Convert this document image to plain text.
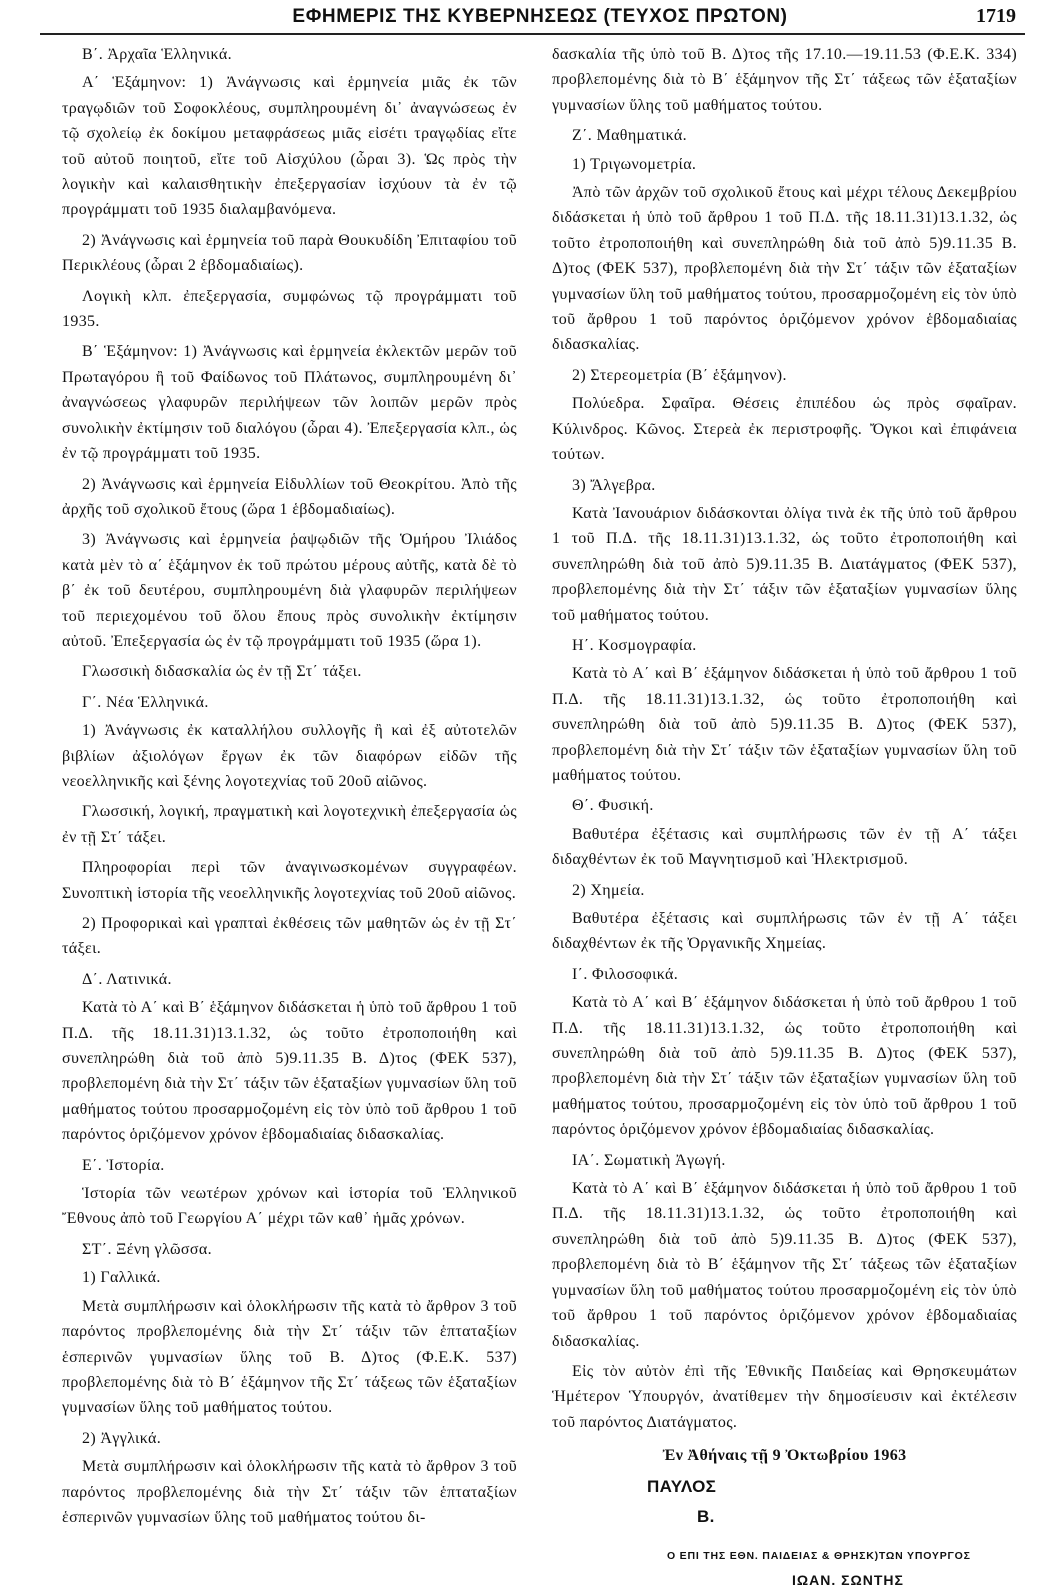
ΕΦΗΜΕΡΙΣ ΤΗΣ ΚΥΒΕΡΝΗΣΕΩΣ (ΤΕΥΧΟΣ ΠΡΩΤΟΝ)	1719

Β΄. Ἀρχαῖα Ἑλληνικά.

Α΄ Ἑξάμηνον: 1) Ἀνάγνωσις καὶ ἑρμηνεία μιᾶς ἐκ τῶν τραγῳδιῶν τοῦ Σοφοκλέους, συμπληρουμένη δι᾽ ἀναγνώσεως ἐν τῷ σχολείῳ ἐκ δοκίμου μεταφράσεως μιᾶς εἰσέτι τραγῳδίας εἴτε τοῦ αὐτοῦ ποιητοῦ, εἴτε τοῦ Αἰσχύλου (ὧραι 3). Ὡς πρὸς τὴν λογικὴν καὶ καλαισθητικὴν ἐπεξεργασίαν ἰσχύουν τὰ ἐν τῷ προγράμματι τοῦ 1935 διαλαμβανόμενα.

2) Ἀνάγνωσις καὶ ἑρμηνεία τοῦ παρὰ Θουκυδίδη Ἐπιταφίου τοῦ Περικλέους (ὧραι 2 ἑβδομαδιαίως).

Λογικὴ κλπ. ἐπεξεργασία, συμφώνως τῷ προγράμματι τοῦ 1935.

Β΄ Ἑξάμηνον: 1) Ἀνάγνωσις καὶ ἑρμηνεία ἐκλεκτῶν μερῶν τοῦ Πρωταγόρου ἢ τοῦ Φαίδωνος τοῦ Πλάτωνος, συμπληρουμένη δι᾽ ἀναγνώσεως γλαφυρῶν περιλήψεων τῶν λοιπῶν μερῶν πρὸς συνολικὴν ἐκτίμησιν τοῦ διαλόγου (ὧραι 4). Ἐπεξεργασία κλπ., ὡς ἐν τῷ προγράμματι τοῦ 1935.

2) Ἀνάγνωσις καὶ ἑρμηνεία Εἰδυλλίων τοῦ Θεοκρίτου. Ἀπὸ τῆς ἀρχῆς τοῦ σχολικοῦ ἔτους (ὥρα 1 ἑβδομαδιαίως).

3) Ἀνάγνωσις καὶ ἑρμηνεία ῥαψῳδιῶν τῆς Ὁμήρου Ἰλιάδος κατὰ μὲν τὸ α΄ ἑξάμηνον ἐκ τοῦ πρώτου μέρους αὐτῆς, κατὰ δὲ τὸ β΄ ἐκ τοῦ δευτέρου, συμπληρουμένη διὰ γλαφυρῶν περιλήψεων τοῦ περιεχομένου τοῦ ὅλου ἔπους πρὸς συνολικὴν ἐκτίμησιν αὐτοῦ. Ἐπεξεργασία ὡς ἐν τῷ προγράμματι τοῦ 1935 (ὥρα 1).

Γλωσσικὴ διδασκαλία ὡς ἐν τῇ Στ΄ τάξει.

Γ΄. Νέα Ἑλληνικά.

1) Ἀνάγνωσις ἐκ καταλλήλου συλλογῆς ἢ καὶ ἐξ αὐτοτελῶν βιβλίων ἀξιολόγων ἔργων ἐκ τῶν διαφόρων εἰδῶν τῆς νεοελληνικῆς καὶ ξένης λογοτεχνίας τοῦ 20οῦ αἰῶνος.

Γλωσσική, λογική, πραγματικὴ καὶ λογοτεχνικὴ ἐπεξεργασία ὡς ἐν τῇ Στ΄ τάξει.

Πληροφορίαι περὶ τῶν ἀναγινωσκομένων συγγραφέων. Συνοπτικὴ ἱστορία τῆς νεοελληνικῆς λογοτεχνίας τοῦ 20οῦ αἰῶνος.

2) Προφορικαὶ καὶ γραπταὶ ἐκθέσεις τῶν μαθητῶν ὡς ἐν τῇ Στ΄ τάξει.

Δ΄. Λατινικά.

Κατὰ τὸ Α΄ καὶ Β΄ ἑξάμηνον διδάσκεται ἡ ὑπὸ τοῦ ἄρθρου 1 τοῦ Π.Δ. τῆς 18.11.31)13.1.32, ὡς τοῦτο ἐτροποποιήθη καὶ συνεπληρώθη διὰ τοῦ ἀπὸ 5)9.11.35 Β. Δ)τος (ΦΕΚ 537), προβλεπομένη διὰ τὴν Στ΄ τάξιν τῶν ἑξαταξίων γυμνασίων ὕλη τοῦ μαθήματος τούτου προσαρμοζομένη εἰς τὸν ὑπὸ τοῦ ἄρθρου 1 τοῦ παρόντος ὁριζόμενον χρόνον ἑβδομαδιαίας διδασκαλίας.

Ε΄. Ἱστορία.

Ἱστορία τῶν νεωτέρων χρόνων καὶ ἱστορία τοῦ Ἑλληνικοῦ Ἔθνους ἀπὸ τοῦ Γεωργίου Α΄ μέχρι τῶν καθ᾽ ἡμᾶς χρόνων.

ΣΤ΄. Ξένη γλῶσσα.

1) Γαλλικά.

Μετὰ συμπλήρωσιν καὶ ὁλοκλήρωσιν τῆς κατὰ τὸ ἄρθρον 3 τοῦ παρόντος προβλεπομένης διὰ τὴν Στ΄ τάξιν τῶν ἑπταταξίων ἑσπερινῶν γυμνασίων ὕλης τοῦ Β. Δ)τος (Φ.Ε.Κ. 537) προβλεπομένης διὰ τὸ Β΄ ἑξάμηνον τῆς Στ΄ τάξεως τῶν ἑξαταξίων γυμνασίων ὕλης τοῦ μαθήματος τούτου.

2) Ἀγγλικά.

Μετὰ συμπλήρωσιν καὶ ὁλοκλήρωσιν τῆς κατὰ τὸ ἄρθρον 3 τοῦ παρόντος προβλεπομένης διὰ τὴν Στ΄ τάξιν τῶν ἑπταταξίων ἑσπερινῶν γυμνασίων ὕλης τοῦ μαθήματος τούτου δι-

δασκαλία τῆς ὑπὸ τοῦ Β. Δ)τος τῆς 17.10.—19.11.53 (Φ.Ε.Κ. 334) προβλεπομένης διὰ τὸ Β΄ ἑξάμηνον τῆς Στ΄ τάξεως τῶν ἑξαταξίων γυμνασίων ὕλης τοῦ μαθήματος τούτου.

Ζ΄. Μαθηματικά.

1) Τριγωνομετρία.

Ἀπὸ τῶν ἀρχῶν τοῦ σχολικοῦ ἔτους καὶ μέχρι τέλους Δεκεμβρίου διδάσκεται ἡ ὑπὸ τοῦ ἄρθρου 1 τοῦ Π.Δ. τῆς 18.11.31)13.1.32, ὡς τοῦτο ἐτροποποιήθη καὶ συνεπληρώθη διὰ τοῦ ἀπὸ 5)9.11.35 Β. Δ)τος (ΦΕΚ 537), προβλεπομένη διὰ τὴν Στ΄ τάξιν τῶν ἑξαταξίων γυμνασίων ὕλη τοῦ μαθήματος τούτου, προσαρμοζομένη εἰς τὸν ὑπὸ τοῦ ἄρθρου 1 τοῦ παρόντος ὁριζόμενον χρόνον ἑβδομαδιαίας διδασκαλίας.

2) Στερεομετρία (Β΄ ἑξάμηνον).

Πολύεδρα. Σφαῖρα. Θέσεις ἐπιπέδου ὡς πρὸς σφαῖραν. Κύλινδρος. Κῶνος. Στερεὰ ἐκ περιστροφῆς. Ὄγκοι καὶ ἐπιφάνεια τούτων.

3) Ἄλγεβρα.

Κατὰ Ἰανουάριον διδάσκονται ὀλίγα τινὰ ἐκ τῆς ὑπὸ τοῦ ἄρθρου 1 τοῦ Π.Δ. τῆς 18.11.31)13.1.32, ὡς τοῦτο ἐτροποποιήθη καὶ συνεπληρώθη διὰ τοῦ ἀπὸ 5)9.11.35 Β. Διατάγματος (ΦΕΚ 537), προβλεπομένης διὰ τὴν Στ΄ τάξιν τῶν ἑξαταξίων γυμνασίων ὕλης τοῦ μαθήματος τούτου.

Η΄. Κοσμογραφία.

Κατὰ τὸ Α΄ καὶ Β΄ ἑξάμηνον διδάσκεται ἡ ὑπὸ τοῦ ἄρθρου 1 τοῦ Π.Δ. τῆς 18.11.31)13.1.32, ὡς τοῦτο ἐτροποποιήθη καὶ συνεπληρώθη διὰ τοῦ ἀπὸ 5)9.11.35 Β. Δ)τος (ΦΕΚ 537), προβλεπομένη διὰ τὴν Στ΄ τάξιν τῶν ἑξαταξίων γυμνασίων ὕλη τοῦ μαθήματος τούτου.

Θ΄. Φυσική.

Βαθυτέρα ἐξέτασις καὶ συμπλήρωσις τῶν ἐν τῇ Α΄ τάξει διδαχθέντων ἐκ τοῦ Μαγνητισμοῦ καὶ Ἠλεκτρισμοῦ.

2) Χημεία.

Βαθυτέρα ἐξέτασις καὶ συμπλήρωσις τῶν ἐν τῇ Α΄ τάξει διδαχθέντων ἐκ τῆς Ὀργανικῆς Χημείας.

Ι΄. Φιλοσοφικά.

Κατὰ τὸ Α΄ καὶ Β΄ ἑξάμηνον διδάσκεται ἡ ὑπὸ τοῦ ἄρθρου 1 τοῦ Π.Δ. τῆς 18.11.31)13.1.32, ὡς τοῦτο ἐτροποποιήθη καὶ συνεπληρώθη διὰ τοῦ ἀπὸ 5)9.11.35 Β. Δ)τος (ΦΕΚ 537), προβλεπομένη διὰ τὴν Στ΄ τάξιν τῶν ἑξαταξίων γυμνασίων ὕλη τοῦ μαθήματος τούτου, προσαρμοζομένη εἰς τὸν ὑπὸ τοῦ ἄρθρου 1 τοῦ παρόντος ὁριζόμενον χρόνον ἑβδομαδιαίας διδασκαλίας.

ΙΑ΄. Σωματικὴ Ἀγωγή.

Κατὰ τὸ Α΄ καὶ Β΄ ἑξάμηνον διδάσκεται ἡ ὑπὸ τοῦ ἄρθρου 1 τοῦ Π.Δ. τῆς 18.11.31)13.1.32, ὡς τοῦτο ἐτροποποιήθη καὶ συνεπληρώθη διὰ τοῦ ἀπὸ 5)9.11.35 Β. Δ)τος (ΦΕΚ 537), προβλεπομένη διὰ τὸ Β΄ ἑξάμηνον τῆς Στ΄ τάξεως τῶν ἑξαταξίων γυμνασίων ὕλη τοῦ μαθήματος τούτου προσαρμοζομένη εἰς τὸν ὑπὸ τοῦ ἄρθρου 1 τοῦ παρόντος ὁριζόμενον χρόνον ἑβδομαδιαίας διδασκαλίας.

Εἰς τὸν αὐτὸν ἐπὶ τῆς Ἐθνικῆς Παιδείας καὶ Θρησκευμάτων Ἡμέτερον Ὑπουργόν, ἀνατίθεμεν τὴν δημοσίευσιν καὶ ἐκτέλεσιν τοῦ παρόντος Διατάγματος.

Ἐν Ἀθήναις τῇ 9 Ὀκτωβρίου 1963

ΠΑΥΛΟΣ

Β.

Ο ΕΠΙ ΤΗΣ ΕΘΝ. ΠΑΙΔΕΙΑΣ & ΘΡΗΣΚ)ΤΩΝ ΥΠΟΥΡΓΟΣ

ΙΩΑΝ. ΣΩΝΤΗΣ
